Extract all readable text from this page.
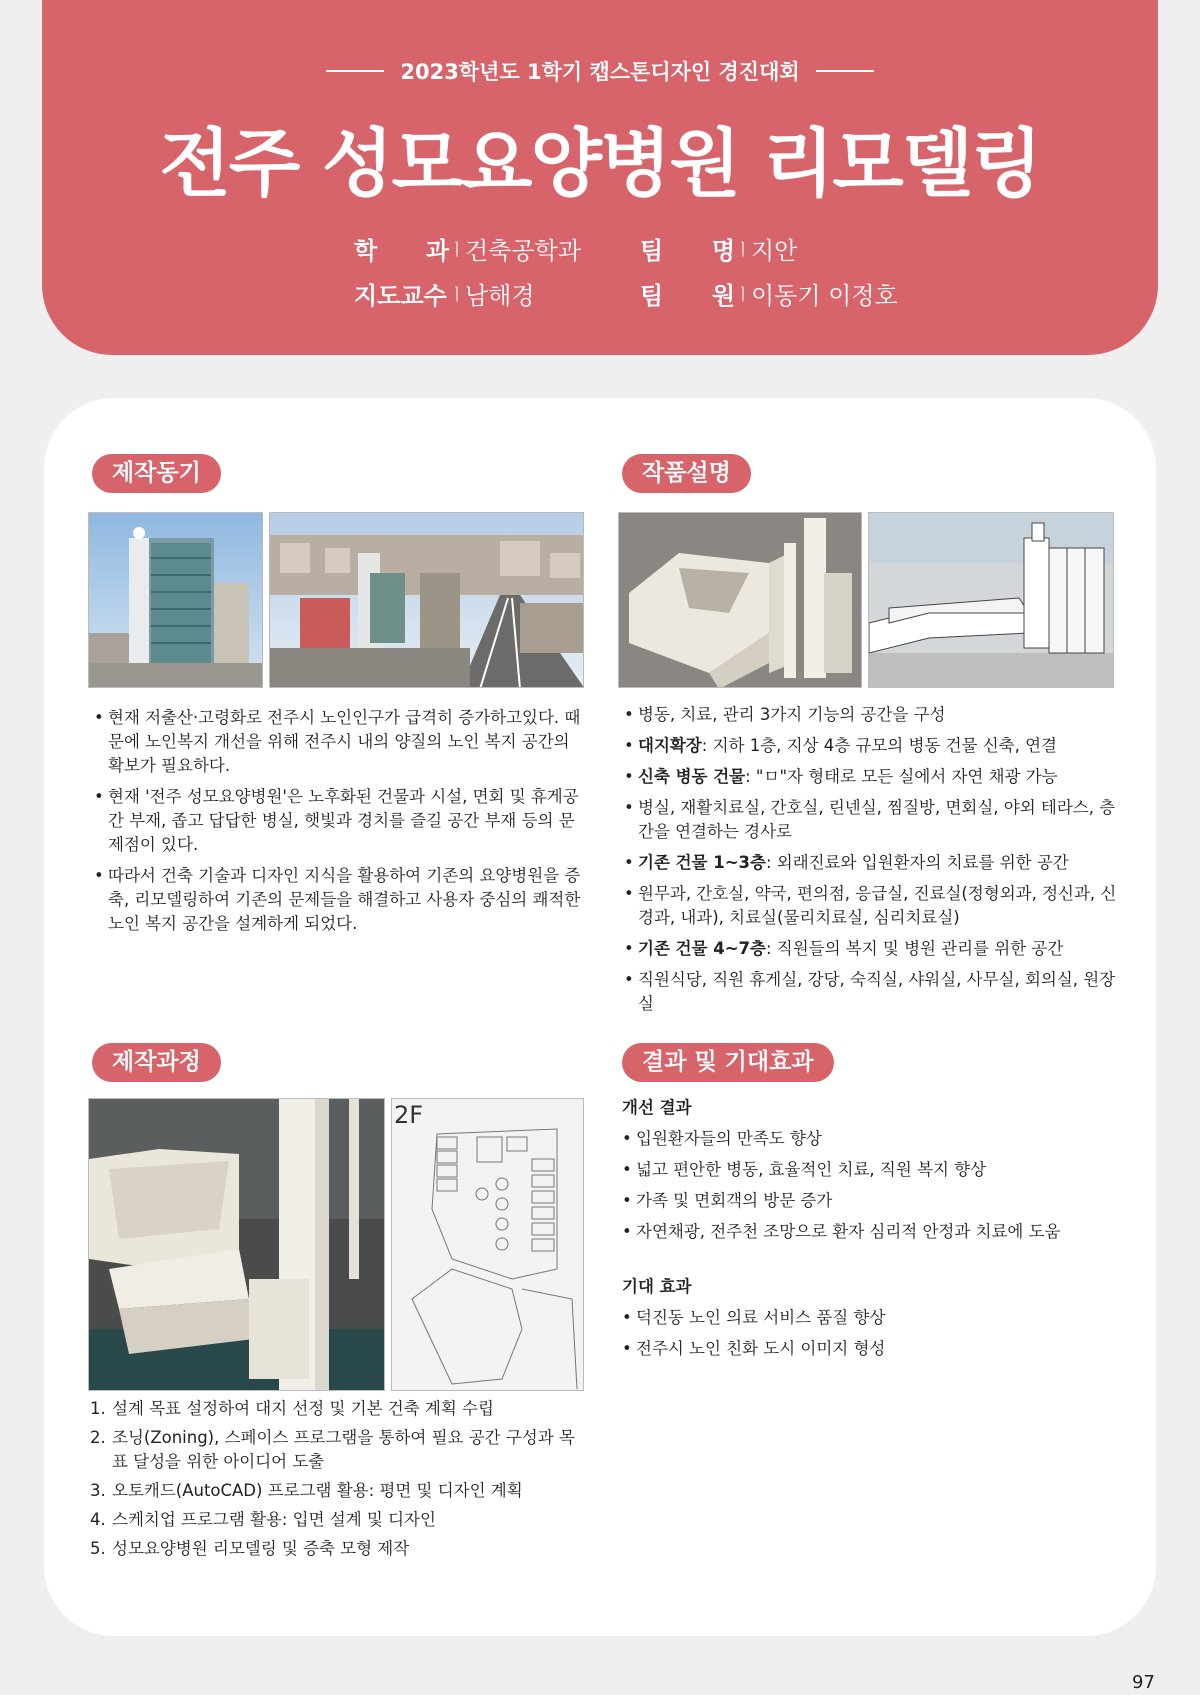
2023학년도 1학기 캡스톤디자인 경진대회
전주 성모요양병원 리모델링
학 과 ㅣ 건축공학과	팀 명 ㅣ 지안
지도교수 ㅣ 남해경	팀 원 ㅣ 이동기 이정호
제작동기
• 현재 저출산·고령화로 전주시 노인인구가 급격히 증가하고있다. 때문에 노인복지 개선을 위해 전주시 내의 양질의 노인 복지 공간의 확보가 필요하다.
• 현재 '전주 성모요양병원'은 노후화된 건물과 시설, 면회 및 휴게공간 부재, 좁고 답답한 병실, 햇빛과 경치를 즐길 공간 부재 등의 문제점이 있다.
• 따라서 건축 기술과 디자인 지식을 활용하여 기존의 요양병원을 증축, 리모델링하여 기존의 문제들을 해결하고 사용자 중심의 쾌적한 노인 복지 공간을 설계하게 되었다.
작품설명
• 병동, 치료, 관리 3가지 기능의 공간을 구성
• 대지확장: 지하 1층, 지상 4층 규모의 병동 건물 신축, 연결
• 신축 병동 건물: "ㅁ"자 형태로 모든 실에서 자연 채광 가능
• 병실, 재활치료실, 간호실, 린넨실, 찜질방, 면회실, 야외 테라스, 층 간을 연결하는 경사로
• 기존 건물 1~3층: 외래진료와 입원환자의 치료를 위한 공간
• 원무과, 간호실, 약국, 편의점, 응급실, 진료실(정형외과, 정신과, 신경과, 내과), 치료실(물리치료실, 심리치료실)
• 기존 건물 4~7층: 직원들의 복지 및 병원 관리를 위한 공간
• 직원식당, 직원 휴게실, 강당, 숙직실, 샤워실, 사무실, 회의실, 원장실
제작과정
2F
1. 설계 목표 설정하여 대지 선정 및 기본 건축 계획 수립
2. 조닝(Zoning), 스페이스 프로그램을 통하여 필요 공간 구성과 목표 달성을 위한 아이디어 도출
3. 오토캐드(AutoCAD) 프로그램 활용: 평면 및 디자인 계획
4. 스케치업 프로그램 활용: 입면 설계 및 디자인
5. 성모요양병원 리모델링 및 증축 모형 제작
결과 및 기대효과
개선 결과
• 입원환자들의 만족도 향상
• 넓고 편안한 병동, 효율적인 치료, 직원 복지 향상
• 가족 및 면회객의 방문 증가
• 자연채광, 전주천 조망으로 환자 심리적 안정과 치료에 도움
기대 효과
• 덕진동 노인 의료 서비스 품질 향상
• 전주시 노인 친화 도시 이미지 형성
97
